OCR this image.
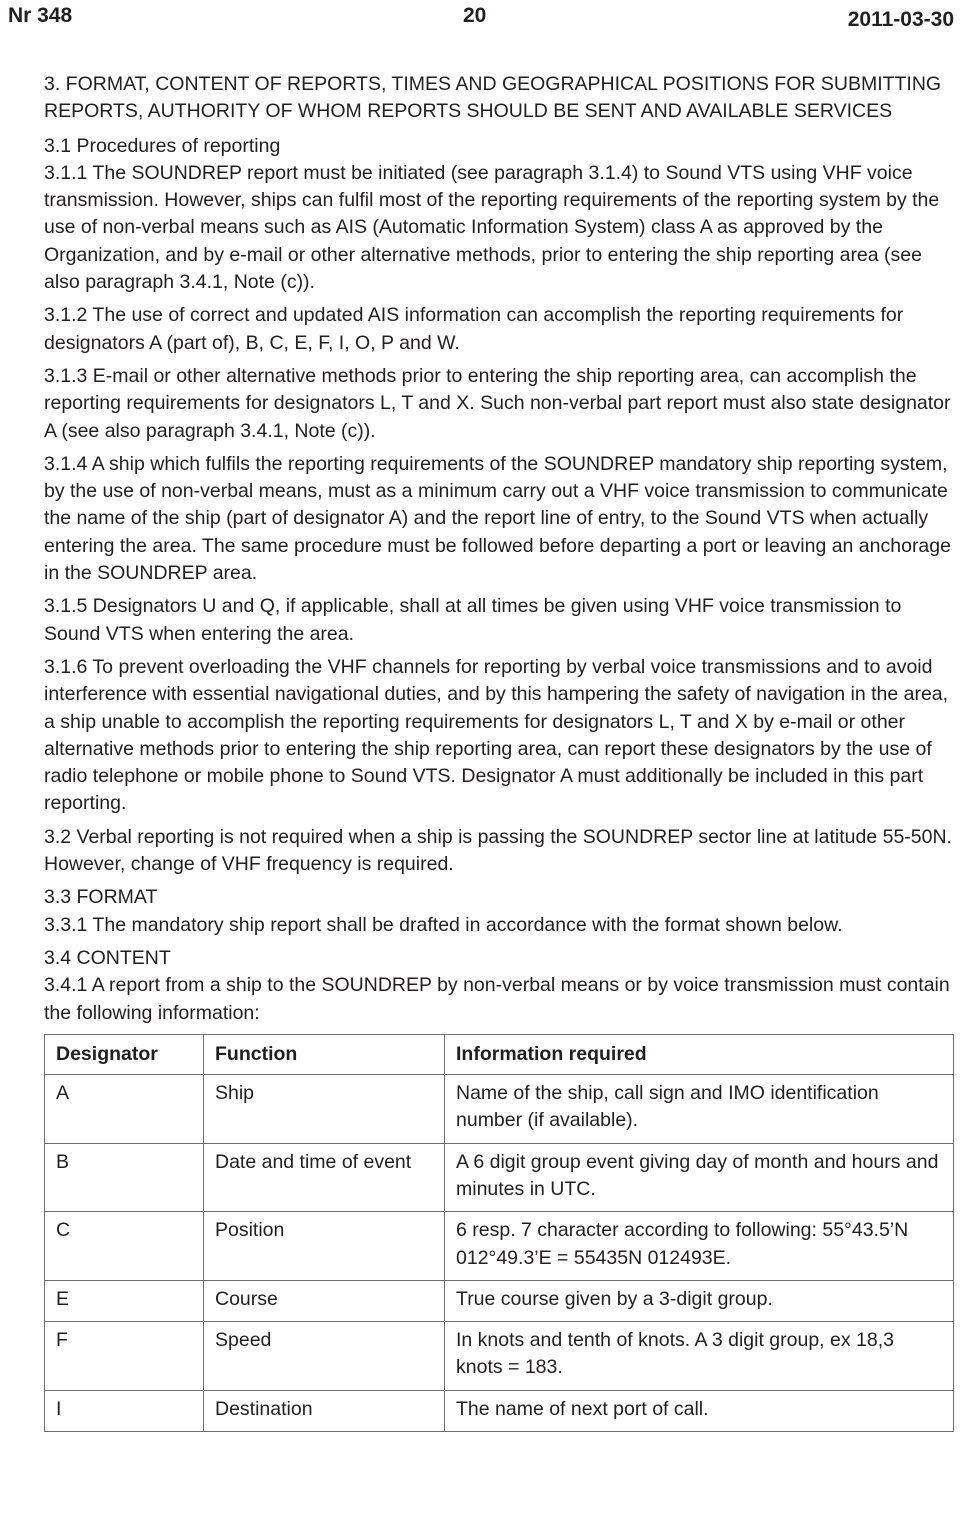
Nr 348	20	2011-03-30

3. FORMAT, CONTENT OF REPORTS, TIMES AND GEOGRAPHICAL POSITIONS FOR SUBMITTING REPORTS, AUTHORITY OF WHOM REPORTS SHOULD BE SENT AND AVAILABLE SERVICES

3.1 Procedures of reporting

3.1.1 The SOUNDREP report must be initiated (see paragraph 3.1.4) to Sound VTS using VHF voice transmission. However, ships can fulfil most of the reporting requirements of the reporting system by the use of non-verbal means such as AIS (Automatic Information System) class A as approved by the Organization, and by e-mail or other alternative methods, prior to entering the ship reporting area (see also paragraph 3.4.1, Note (c)).

3.1.2 The use of correct and updated AIS information can accomplish the reporting requirements for designators A (part of), B, C, E, F, I, O, P and W.

3.1.3 E-mail or other alternative methods prior to entering the ship reporting area, can accomplish the reporting requirements for designators L, T and X. Such non-verbal part report must also state designator A (see also paragraph 3.4.1, Note (c)).

3.1.4 A ship which fulfils the reporting requirements of the SOUNDREP mandatory ship reporting system, by the use of non-verbal means, must as a minimum carry out a VHF voice transmission to communicate the name of the ship (part of designator A) and the report line of entry, to the Sound VTS when actually entering the area. The same procedure must be followed before departing a port or leaving an anchorage in the SOUNDREP area.

3.1.5 Designators U and Q, if applicable, shall at all times be given using VHF voice transmission to Sound VTS when entering the area.

3.1.6 To prevent overloading the VHF channels for reporting by verbal voice transmissions and to avoid interference with essential navigational duties, and by this hampering the safety of navigation in the area, a ship unable to accomplish the reporting requirements for designators L, T and X by e-mail or other alternative methods prior to entering the ship reporting area, can report these designators by the use of radio telephone or mobile phone to Sound VTS. Designator A must additionally be included in this part reporting.

3.2 Verbal reporting is not required when a ship is passing the SOUNDREP sector line at latitude 55-50N. However, change of VHF frequency is required.

3.3 FORMAT

3.3.1 The mandatory ship report shall be drafted in accordance with the format shown below.

3.4 CONTENT

3.4.1 A report from a ship to the SOUNDREP by non-verbal means or by voice transmission must contain the following information:

Designator	Function	Information required
A	Ship	Name of the ship, call sign and IMO identification number (if available).
B	Date and time of event	A 6 digit group event giving day of month and hours and minutes in UTC.
C	Position	6 resp. 7 character according to following: 55°43.5’N 012°49.3’E = 55435N 012493E.
E	Course	True course given by a 3-digit group.
F	Speed	In knots and tenth of knots. A 3 digit group, ex 18,3 knots = 183.
I	Destination	The name of next port of call.
